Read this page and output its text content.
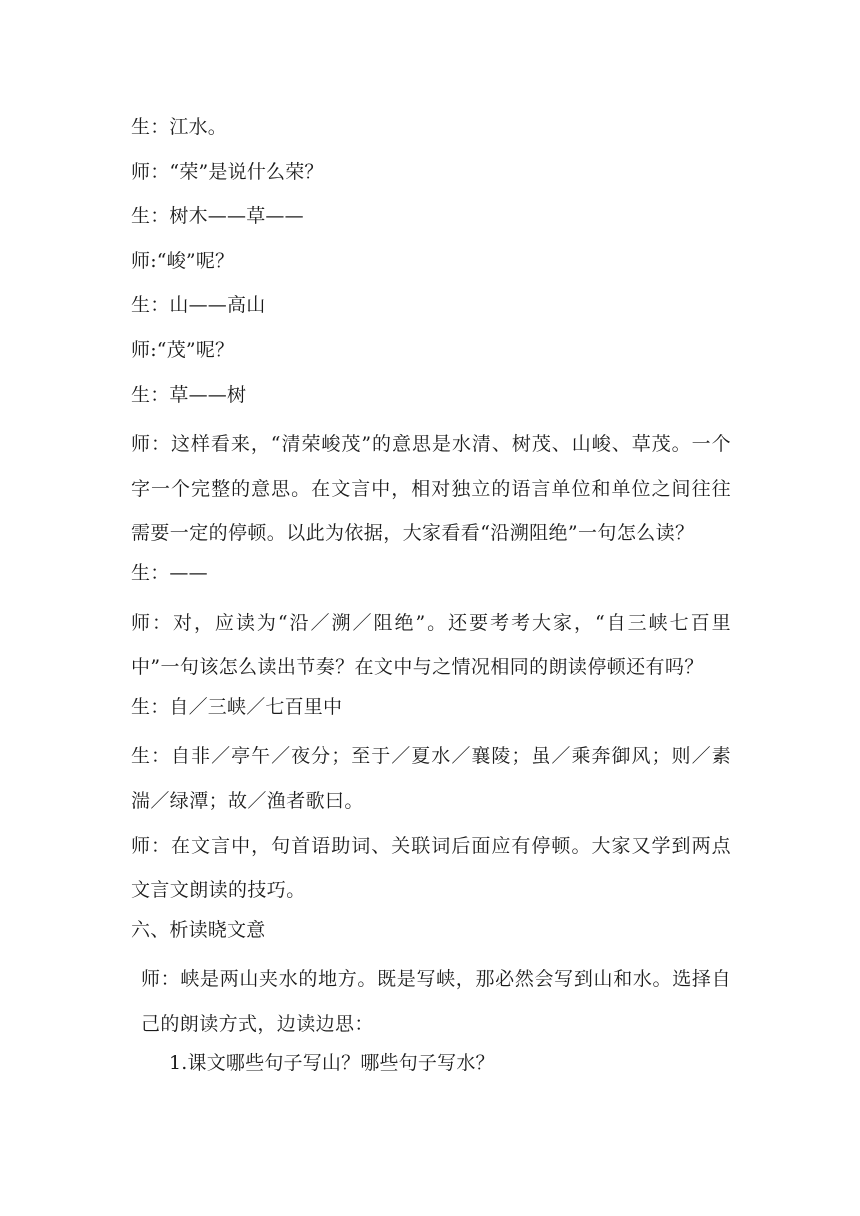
生：江水。
师：“荣”是说什么荣？
生：树木——草——
师:“峻”呢？
生：山——高山
师:“茂”呢？
生：草——树
师：这样看来，“清荣峻茂”的意思是水清、树茂、山峻、草茂。一个字一个完整的意思。在文言中，相对独立的语言单位和单位之间往往需要一定的停顿。以此为依据，大家看看“沿溯阻绝”一句怎么读？
生：——
师：对，应读为“沿／溯／阻绝”。还要考考大家，“自三峡七百里中”一句该怎么读出节奏？在文中与之情况相同的朗读停顿还有吗？
生：自／三峡／七百里中
生：自非／亭午／夜分；至于／夏水／襄陵；虽／乘奔御风；则／素湍／绿潭；故／渔者歌曰。
师：在文言中，句首语助词、关联词后面应有停顿。大家又学到两点文言文朗读的技巧。
六、析读晓文意
师：峡是两山夹水的地方。既是写峡，那必然会写到山和水。选择自己的朗读方式，边读边思：
1.课文哪些句子写山？哪些句子写水？
